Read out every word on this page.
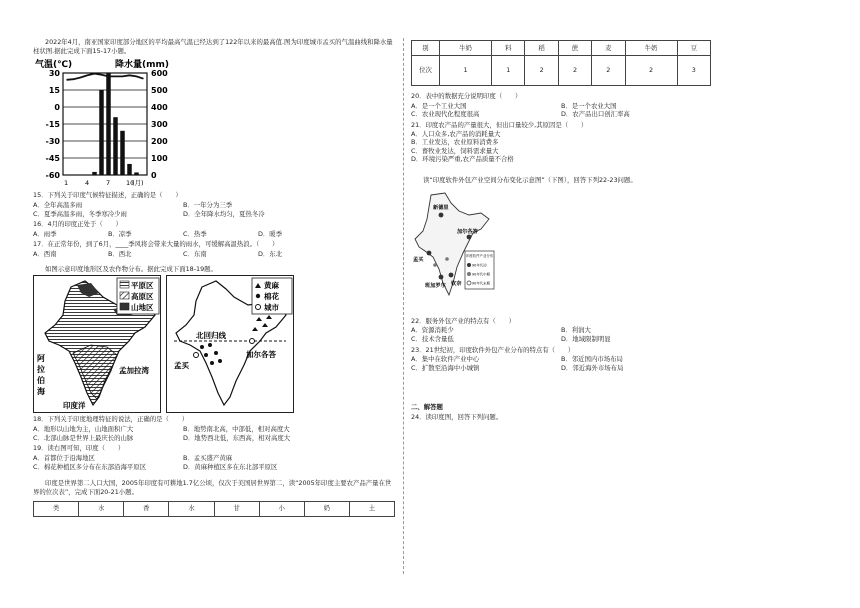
2022年4月，南亚国家印度部分地区的平均最高气温已经达到了122年以来的最高值.图为印度城市孟买的气温曲线和降水量柱状图.据此完成下面15-17小题。

气温(℃)	降水量(mm)
30
15
0
-15
-30
-45
-60
600
500
400
300
200
100
0
1	4	7 10
(月)

15．下列关于印度气候特征描述，正确的是（　　）

A．全年高温多雨	B．一年分为三季
C．夏季高温多雨，冬季寒冷少雨	D．全年降水均匀，夏热冬冷

16．4月的印度正处于（　　）

A．雨季	B．凉季	C．热季	D．暖季

17．在正常年份，到了6月，____季风将会带来大量的雨水，可缓解高温热浪。（　　）

A．西南	B．西北	C．东南	D．东北

如图示意印度地形区及农作物分布。据此完成下面18-19题。

平原区
高原区
山地区
阿
拉
伯
海
孟加拉湾
印度洋
黄麻
棉花
城市
北回归线
孟买
加尔各答

18．下列关于印度地理特征的说法，正确的是（　　）

A．地形以山地为主，山地面积广大	B．地势南北高，中部低，相对高度大
C．北部山脉是世界上最庆长的山脉	D．地势西北低，东西高，相对高度大

19．读右图可知，印度（　　）

A．首都位于沿海地区	B．孟买盛产黄麻
C．棉花种植区多分布在东部沿海平原区	D．黄麻种植区多在东北部平原区

印度是世界第二人口大国，2005年印度有可耕地1.7亿公顷，仅次于美国居世界第二，读“2005年印度主要农产品产量在世界的位次表”，完成下面20-21小题。

类	水	香	水	甘	小	奶	土
别	牛奶	料	稻	蔗	麦	牛奶	豆
位次	1	1	2	2	2	2	3

20．表中的数据充分说明印度（　　）

A．是一个工业大国	B．是一个农业大国
C．农业现代化程度很高	D．农产品出口创汇率高

21．印度农产品的产量很大，但出口量较少,其原因是（　　）

A．人口众多,农产品的消耗量大

B．工业发达，农业原料消费多

C．畜牧业发达，饲料需求量大

D．环境污染严重,农产品质量不合格

读“印度软件外包产业空间分布变化示意图”（下图），回答下列22-23问题。

新德里
加尔各答
孟买
班加罗尔 钦奈
印度软件产业分布
90年代初
90年代中期
90年代末期

22．服务外包产业的特点有（　　）

A．资源消耗少	B．利润大
C．技术含量低	D．地域限制明显

23．21世纪初，印度软件外包产业分布的特点有（　　）

A．集中在软件产业中心	B．邻近国内市场布局
C．扩散至沿海中小城镇	D．邻近海外市场布局

二、解答题

24．读印度图，回答下列问题。
